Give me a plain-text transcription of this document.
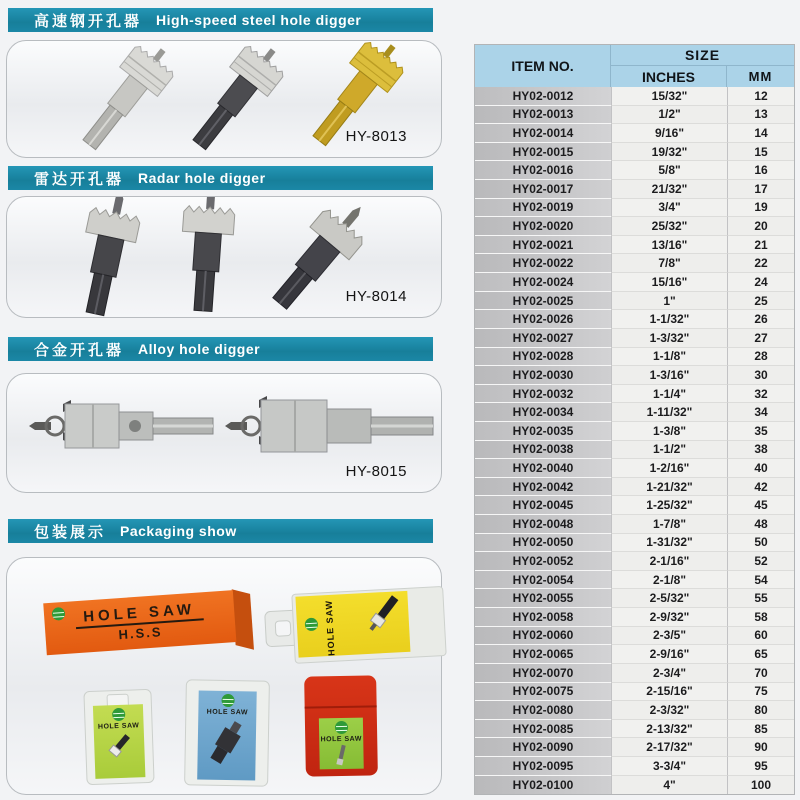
高速钢开孔器 High-speed steel hole digger
HY-8013
雷达开孔器 Radar hole digger
HY-8014
合金开孔器 Alloy hole digger
HY-8015
包装展示 Packaging show
HOLE SAW
H.S.S	HOLE SAW
HOLE SAW
HOLE SAW
HOLE SAW

ITEM NO.
SIZE
INCHES	MM
HY02-0012	15/32"	12
HY02-0013	1/2"	13
HY02-0014	9/16"	14
HY02-0015	19/32"	15
HY02-0016	5/8"	16
HY02-0017	21/32"	17
HY02-0019	3/4"	19
HY02-0020	25/32"	20
HY02-0021	13/16"	21
HY02-0022	7/8"	22
HY02-0024	15/16"	24
HY02-0025	1"	25
HY02-0026	1-1/32"	26
HY02-0027	1-3/32"	27
HY02-0028	1-1/8"	28
HY02-0030	1-3/16"	30
HY02-0032	1-1/4"	32
HY02-0034	1-11/32"	34
HY02-0035	1-3/8"	35
HY02-0038	1-1/2"	38
HY02-0040	1-2/16"	40
HY02-0042	1-21/32"	42
HY02-0045	1-25/32"	45
HY02-0048	1-7/8"	48
HY02-0050	1-31/32"	50
HY02-0052	2-1/16"	52
HY02-0054	2-1/8"	54
HY02-0055	2-5/32"	55
HY02-0058	2-9/32"	58
HY02-0060	2-3/5"	60
HY02-0065	2-9/16"	65
HY02-0070	2-3/4"	70
HY02-0075	2-15/16"	75
HY02-0080	2-3/32"	80
HY02-0085	2-13/32"	85
HY02-0090	2-17/32"	90
HY02-0095	3-3/4"	95
HY02-0100	4"	100
